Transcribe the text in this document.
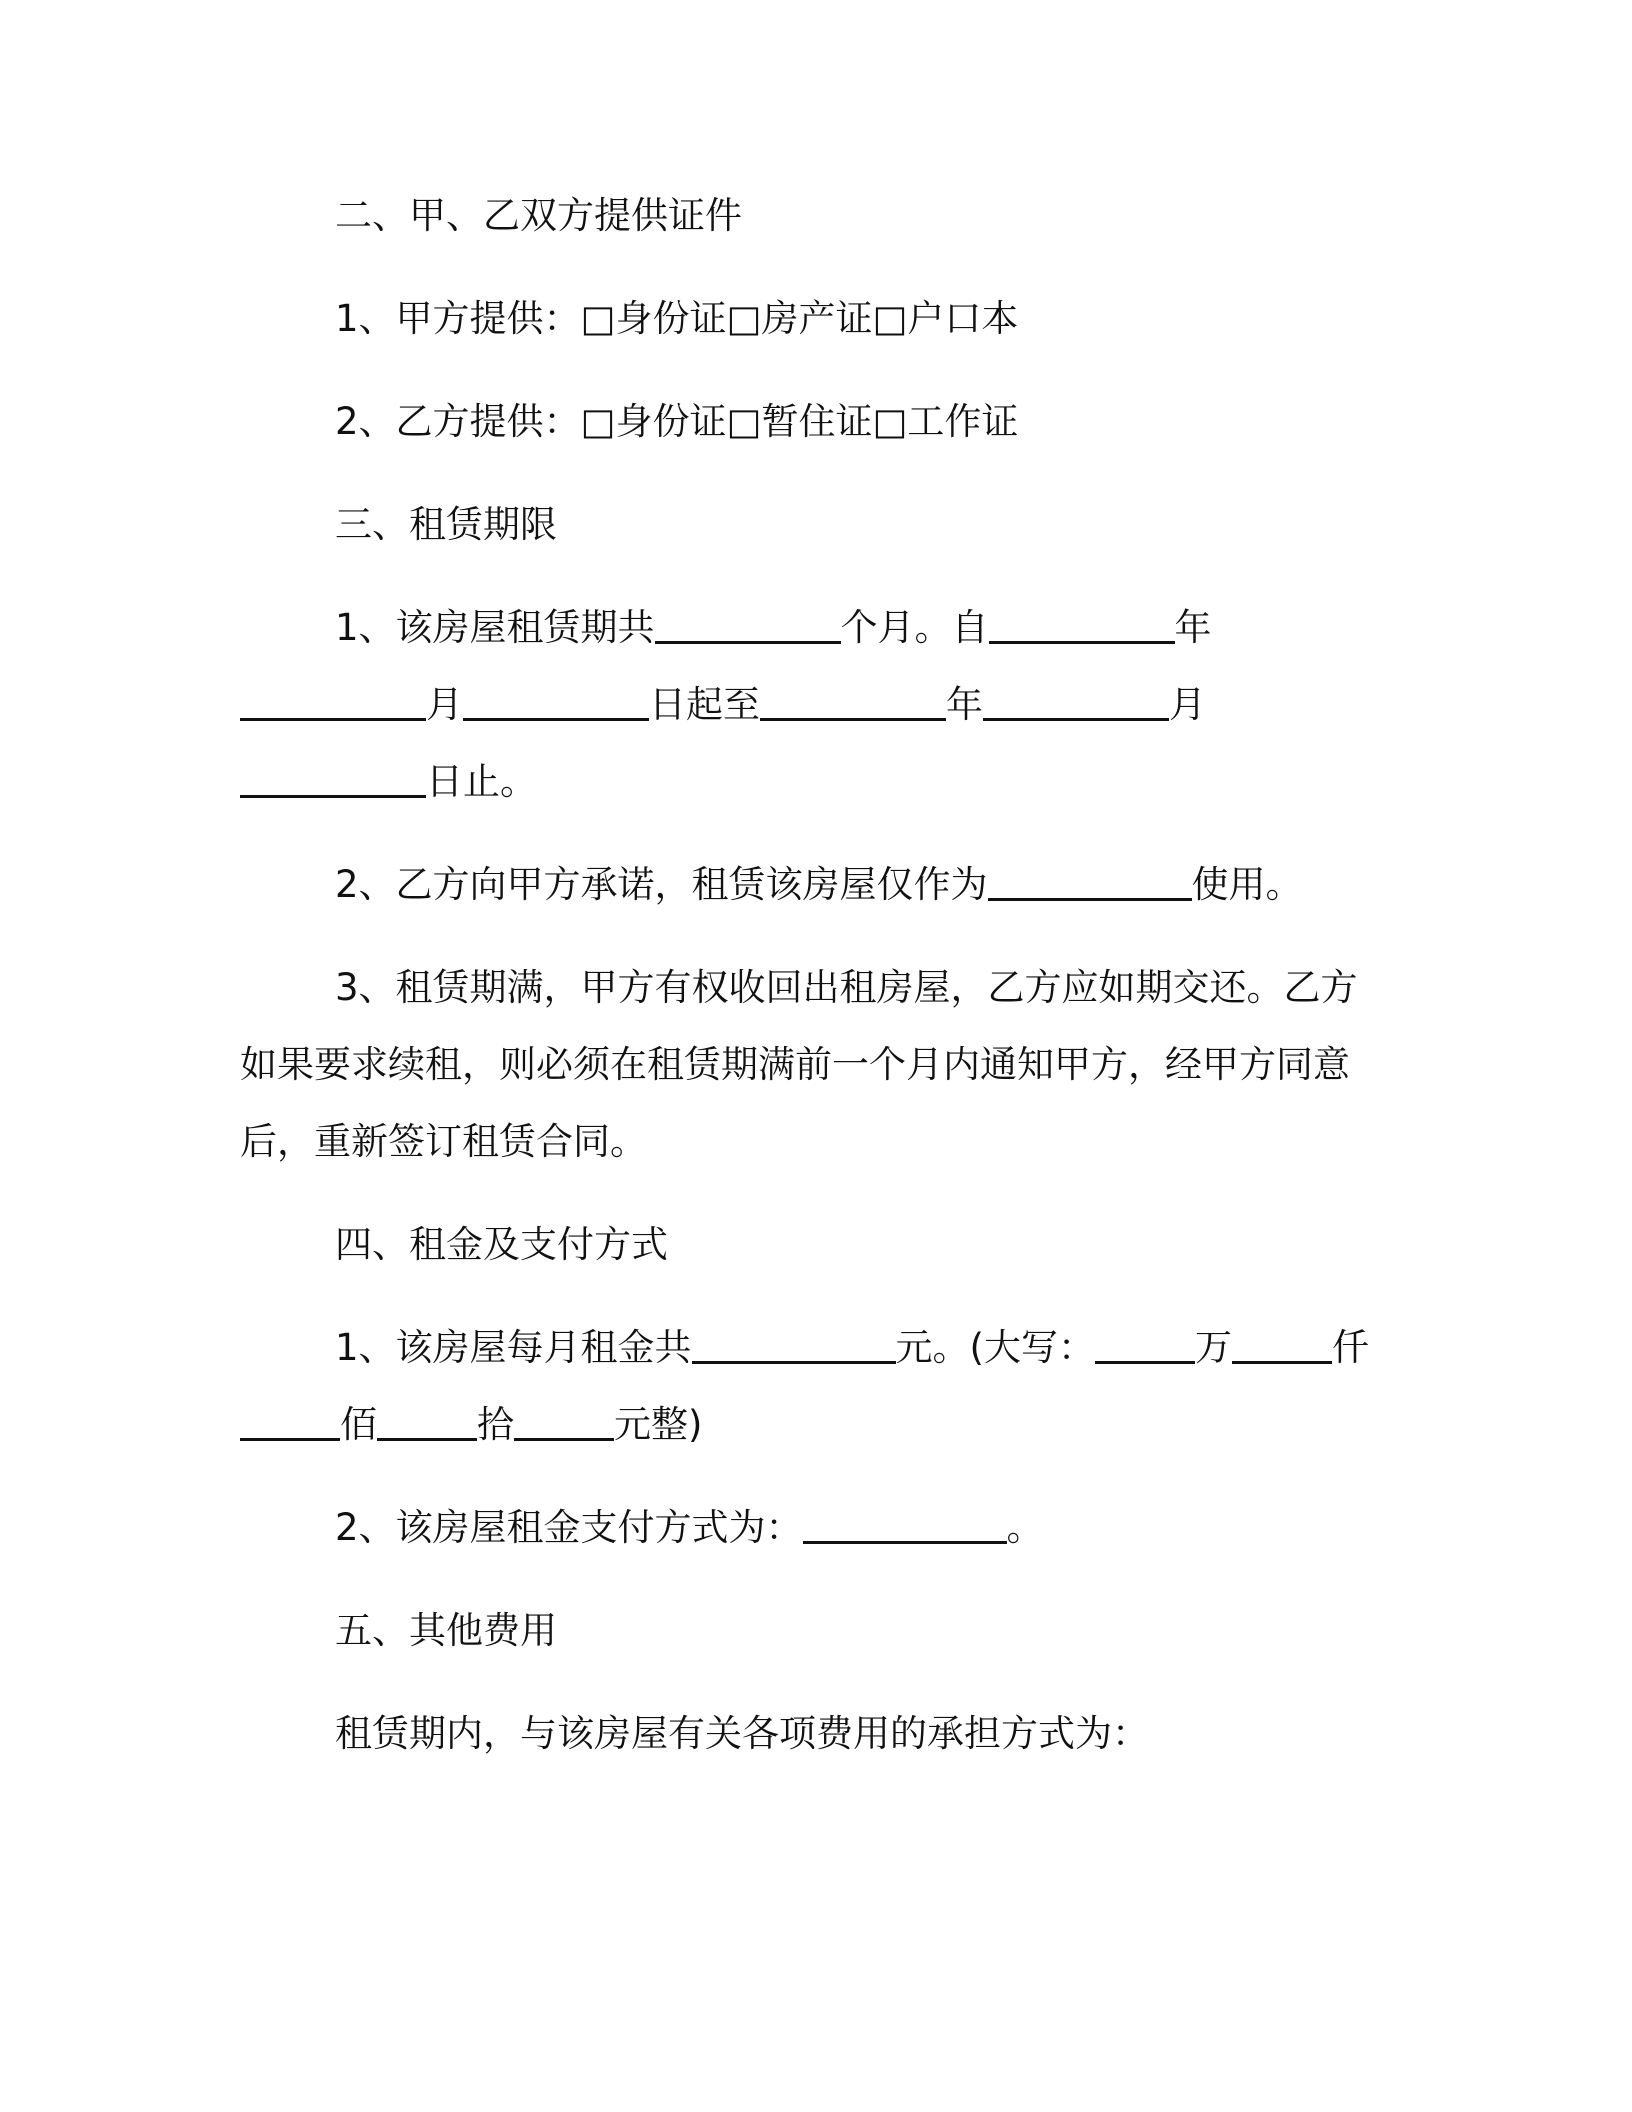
二、甲、乙双方提供证件
1、甲方提供：□身份证□房产证□户口本
2、乙方提供：□身份证□暂住证□工作证
三、租赁期限
1、该房屋租赁期共	个月。自	年
月	日起至	年	月
日止。
2、乙方向甲方承诺，租赁该房屋仅作为	使用。
3、租赁期满，甲方有权收回出租房屋，乙方应如期交还。乙方
如果要求续租，则必须在租赁期满前一个月内通知甲方，经甲方同意
后，重新签订租赁合同。
四、租金及支付方式
1、该房屋每月租金共	元。(大写：	万	仟
佰	拾	元整)
2、该房屋租金支付方式为：	。
五、其他费用
租赁期内，与该房屋有关各项费用的承担方式为：
